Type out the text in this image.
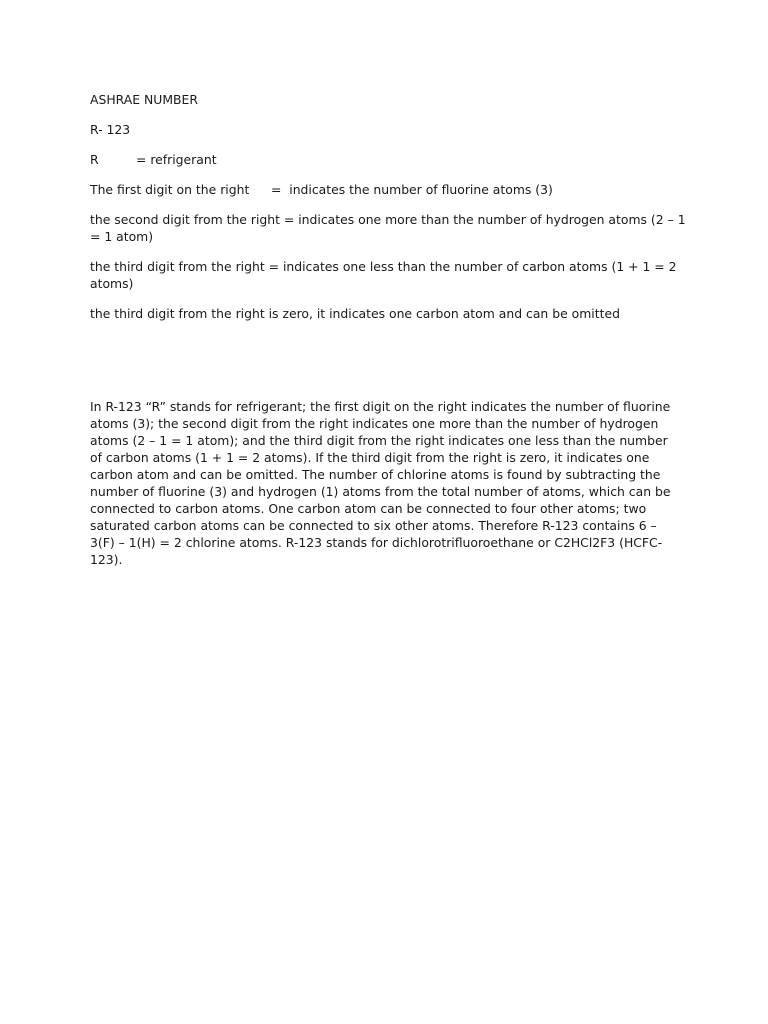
ASHRAE NUMBER

R- 123

R	= refrigerant
The first digit on the right	=  indicates the number of fluorine atoms (3)

the second digit from the right = indicates one more than the number of hydrogen atoms (2 – 1 = 1 atom)

the third digit from the right = indicates one less than the number of carbon atoms (1 + 1 = 2 atoms)

the third digit from the right is zero, it indicates one carbon atom and can be omitted

In R-123 “R” stands for refrigerant; the first digit on the right indicates the number of fluorine atoms (3); the second digit from the right indicates one more than the number of hydrogen atoms (2 – 1 = 1 atom); and the third digit from the right indicates one less than the number of carbon atoms (1 + 1 = 2 atoms). If the third digit from the right is zero, it indicates one carbon atom and can be omitted. The number of chlorine atoms is found by subtracting the number of fluorine (3) and hydrogen (1) atoms from the total number of atoms, which can be connected to carbon atoms. One carbon atom can be connected to four other atoms; two saturated carbon atoms can be connected to six other atoms. Therefore R-123 contains 6 – 3(F) – 1(H) = 2 chlorine atoms. R-123 stands for dichlorotrifluoroethane or C2HCl2F3 (HCFC-123).
